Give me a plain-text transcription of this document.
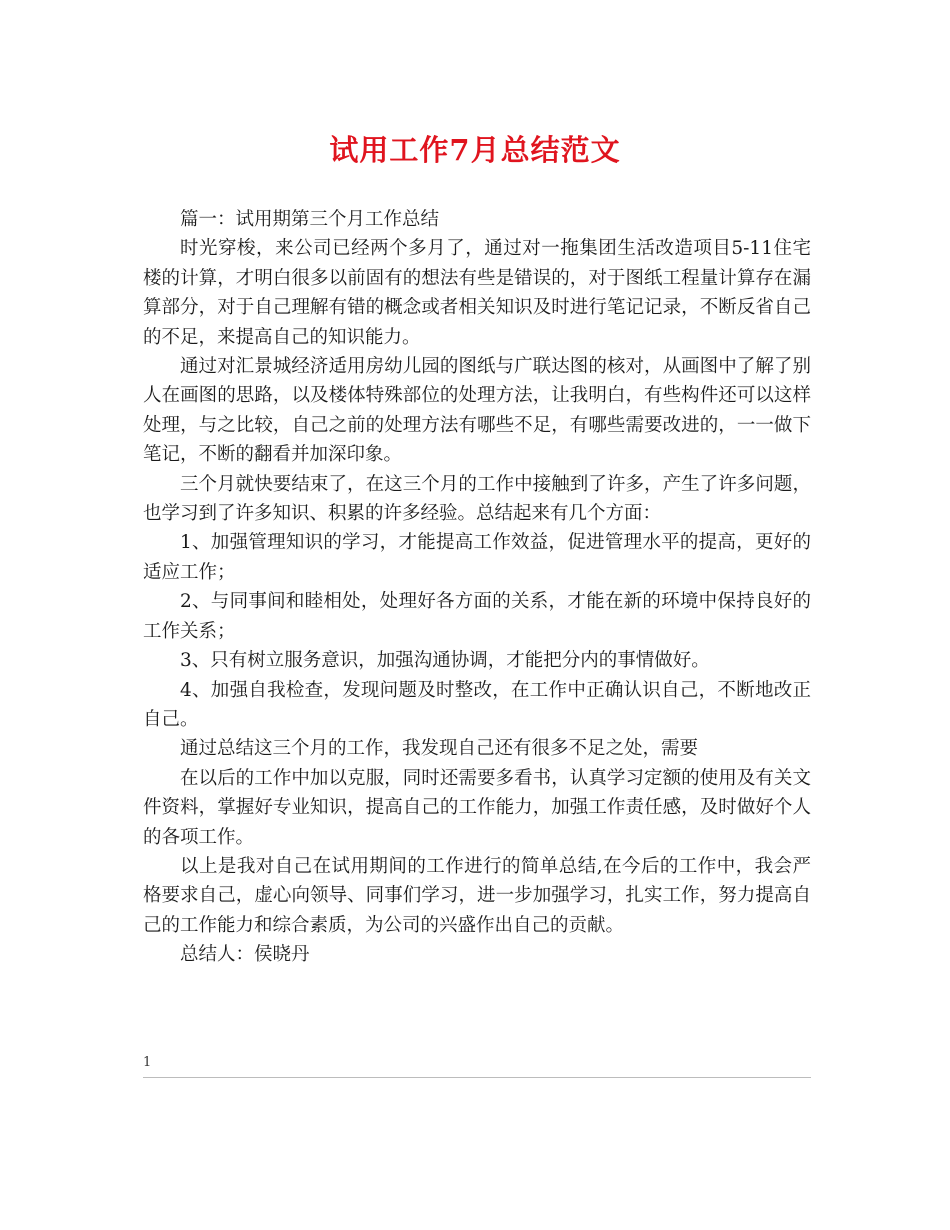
试用工作7月总结范文

篇一：试用期第三个月工作总结

时光穿梭，来公司已经两个多月了，通过对一拖集团生活改造项目5-11住宅楼的计算，才明白很多以前固有的想法有些是错误的，对于图纸工程量计算存在漏算部分，对于自己理解有错的概念或者相关知识及时进行笔记记录，不断反省自己的不足，来提高自己的知识能力。

通过对汇景城经济适用房幼儿园的图纸与广联达图的核对，从画图中了解了别人在画图的思路，以及楼体特殊部位的处理方法，让我明白，有些构件还可以这样处理，与之比较，自己之前的处理方法有哪些不足，有哪些需要改进的，一一做下笔记，不断的翻看并加深印象。

三个月就快要结束了，在这三个月的工作中接触到了许多，产生了许多问题，也学习到了许多知识、积累的许多经验。总结起来有几个方面：

1、加强管理知识的学习，才能提高工作效益，促进管理水平的提高，更好的适应工作；

2、与同事间和睦相处，处理好各方面的关系，才能在新的环境中保持良好的工作关系；

3、只有树立服务意识，加强沟通协调，才能把分内的事情做好。

4、加强自我检查，发现问题及时整改，在工作中正确认识自己，不断地改正自己。

通过总结这三个月的工作，我发现自己还有很多不足之处，需要

在以后的工作中加以克服，同时还需要多看书，认真学习定额的使用及有关文件资料，掌握好专业知识，提高自己的工作能力，加强工作责任感，及时做好个人的各项工作。

以上是我对自己在试用期间的工作进行的简单总结,在今后的工作中，我会严格要求自己，虚心向领导、同事们学习，进一步加强学习，扎实工作，努力提高自己的工作能力和综合素质，为公司的兴盛作出自己的贡献。

总结人：侯晓丹

1
